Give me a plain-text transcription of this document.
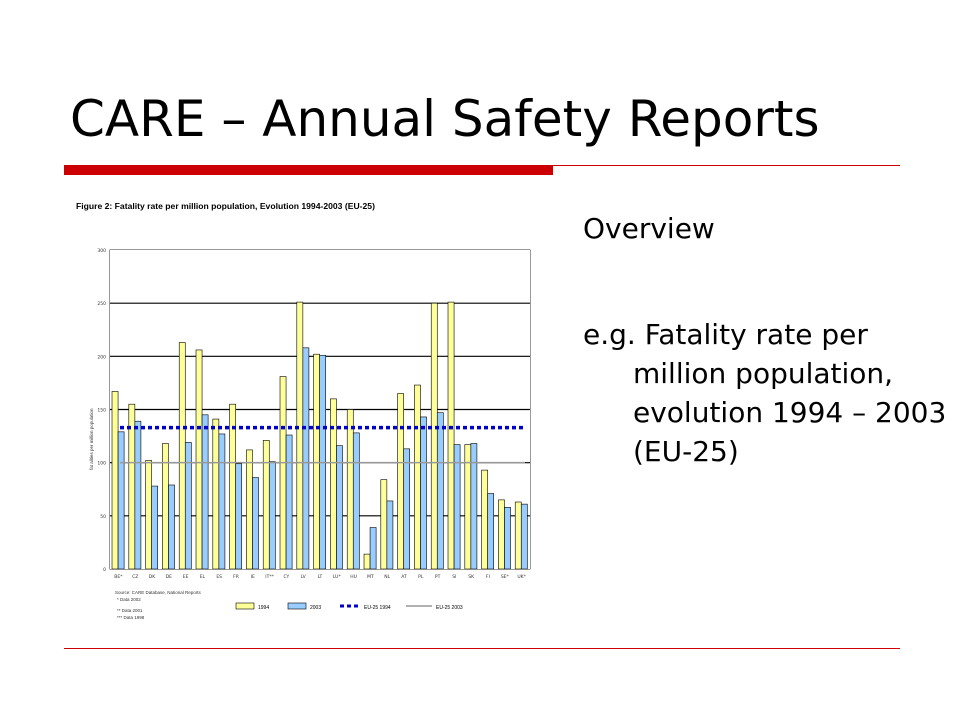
CARE – Annual Safety Reports
Overview
e.g. Fatality rate per million population, evolution 1994 – 2003 (EU-25)
Figure 2: Fatality rate per million population, Evolution 1994-2003 (EU-25)
0
50
100
150
200
250
300
fat alities per million population
BE* CZ DK DE EE	EL	ES FR	IE IT** CY	LV	LT LU* HU MT NL AT	PL	PT	SI	SK	FI SE* UK*
Source: CARE Database, National Reports
* Data 2002
** Data 2001
*** Data 1998
1994	2003	EU-25 1994	EU-25 2003
